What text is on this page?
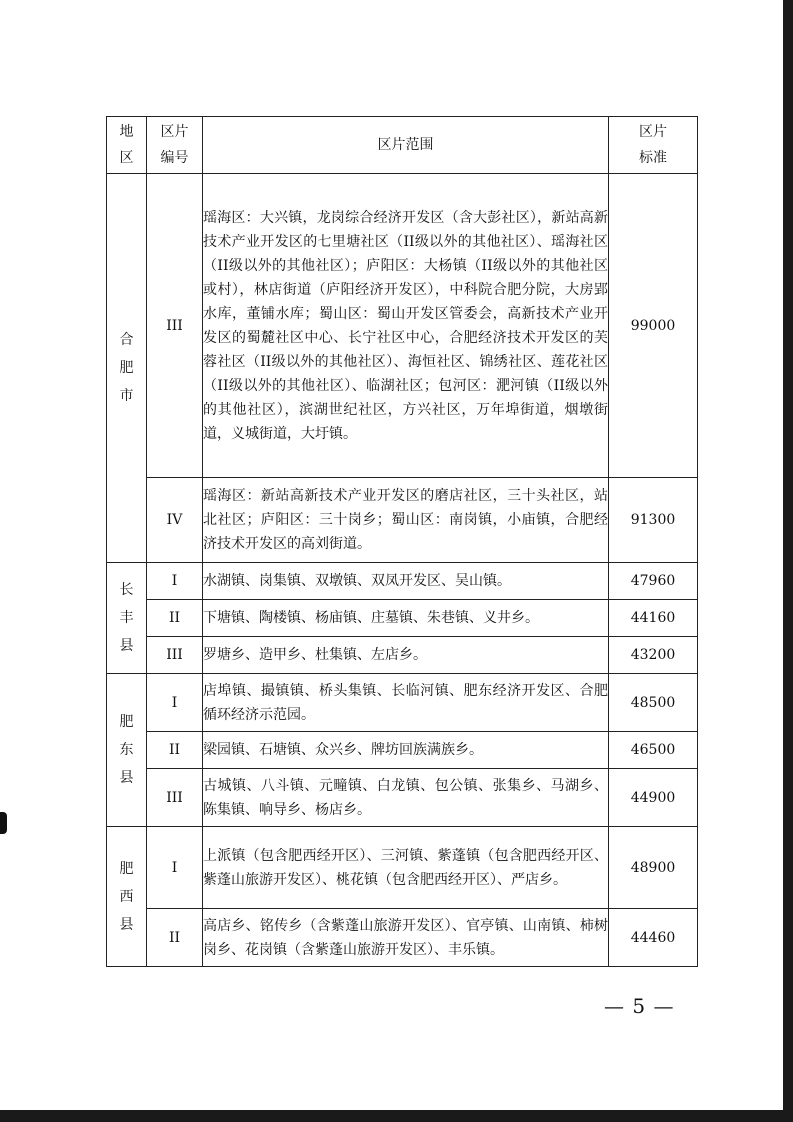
地区	区片编号	区片范围	区片标准

合肥市	III	瑶海区：大兴镇，龙岗综合经济开发区（含大彭社区），新站高新技术产业开发区的七里塘社区（II级以外的其他社区）、瑶海社区（II级以外的其他社区）；庐阳区：大杨镇（II级以外的其他社区或村），林店街道（庐阳经济开发区），中科院合肥分院，大房郢水库，董铺水库；蜀山区：蜀山开发区管委会，高新技术产业开发区的蜀麓社区中心、长宁社区中心，合肥经济技术开发区的芙蓉社区（II级以外的其他社区）、海恒社区、锦绣社区、莲花社区（II级以外的其他社区）、临湖社区；包河区：淝河镇（II级以外的其他社区），滨湖世纪社区，方兴社区，万年埠街道，烟墩街道，义城街道，大圩镇。	99000
	IV	瑶海区：新站高新技术产业开发区的磨店社区，三十头社区，站北社区；庐阳区：三十岗乡；蜀山区：南岗镇，小庙镇，合肥经济技术开发区的高刘街道。	91300

长丰县	I	水湖镇、岗集镇、双墩镇、双凤开发区、吴山镇。	47960
	II	下塘镇、陶楼镇、杨庙镇、庄墓镇、朱巷镇、义井乡。	44160
	III	罗塘乡、造甲乡、杜集镇、左店乡。	43200

肥东县	I	店埠镇、撮镇镇、桥头集镇、长临河镇、肥东经济开发区、合肥循环经济示范园。	48500
	II	梁园镇、石塘镇、众兴乡、牌坊回族满族乡。	46500
	III	古城镇、八斗镇、元疃镇、白龙镇、包公镇、张集乡、马湖乡、陈集镇、响导乡、杨店乡。	44900

肥西县	I	上派镇（包含肥西经开区）、三河镇、紫蓬镇（包含肥西经开区、紫蓬山旅游开发区）、桃花镇（包含肥西经开区）、严店乡。	48900
	II	高店乡、铭传乡（含紫蓬山旅游开发区）、官亭镇、山南镇、柿树岗乡、花岗镇（含紫蓬山旅游开发区）、丰乐镇。	44460
— 5 —
